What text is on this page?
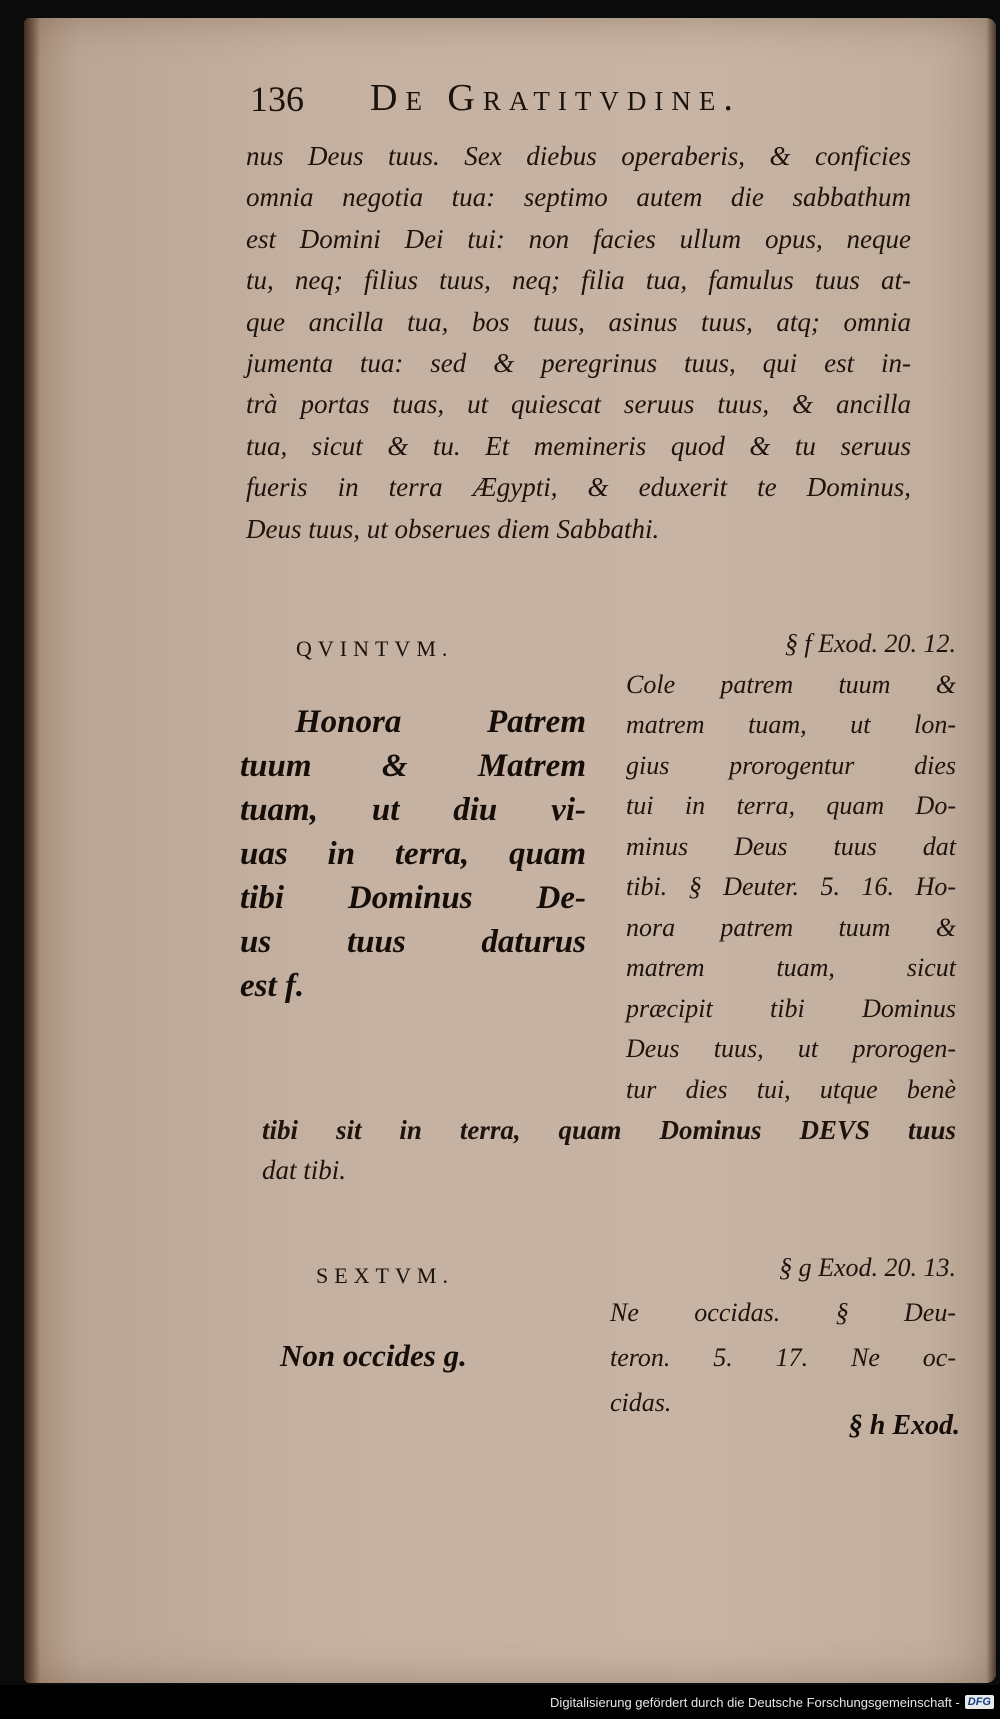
136 De Gratitvdine.
nus Deus tuus. Sex diebus operaberis, & conficies
omnia negotia tua: septimo autem die sabbathum
est Domini Dei tui: non facies ullum opus, neque
tu, neq; filius tuus, neq; filia tua, famulus tuus at-
que ancilla tua, bos tuus, asinus tuus, atq; omnia
jumenta tua: sed & peregrinus tuus, qui est in-
trà portas tuas, ut quiescat seruus tuus, & ancilla
tua, sicut & tu. Et memineris quod & tu seruus
fueris in terra Ægypti, & eduxerit te Dominus,
Deus tuus, ut obserues diem Sabbathi.
QVINTVM.
Honora Patrem
tuum & Matrem
tuam, ut diu vi-
uas in terra, quam
tibi Dominus De-
us tuus daturus
est f.
§ f Exod. 20. 12.
Cole patrem tuum &
matrem tuam, ut lon-
gius prorogentur dies
tui in terra, quam Do-
minus Deus tuus dat
tibi. § Deuter. 5. 16. Ho-
nora patrem tuum &
matrem tuam, sicut
præcipit tibi Dominus
Deus tuus, ut prorogen-
tur dies tui, utque benè
tibi sit in terra, quam Dominus DEVS tuus
dat tibi.
SEXTVM.
Non occides g.
§ g Exod. 20. 13.
Ne occidas. § Deu-
teron. 5. 17. Ne oc-
cidas.
§ h Exod.
Digitalisierung gefördert durch die Deutsche Forschungsgemeinschaft - DFG
